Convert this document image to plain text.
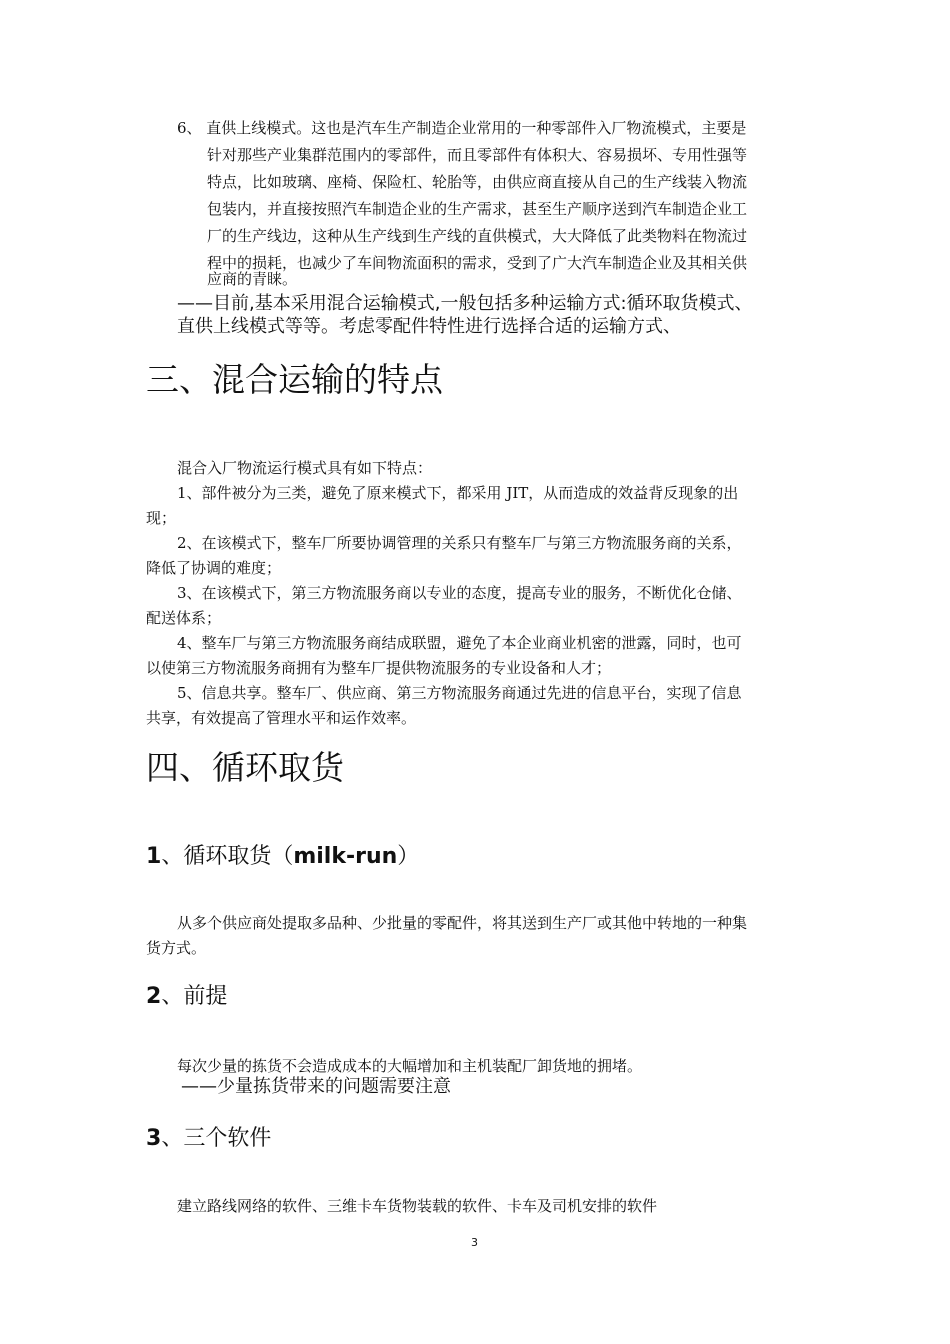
6、 直供上线模式。这也是汽车生产制造企业常用的一种零部件入厂物流模式，主要是
针对那些产业集群范围内的零部件，而且零部件有体积大、容易损坏、专用性强等
特点，比如玻璃、座椅、保险杠、轮胎等，由供应商直接从自己的生产线装入物流
包装内，并直接按照汽车制造企业的生产需求，甚至生产顺序送到汽车制造企业工
厂的生产线边，这种从生产线到生产线的直供模式，大大降低了此类物料在物流过
程中的损耗，也减少了车间物流面积的需求，受到了广大汽车制造企业及其相关供
应商的青睐。
——目前,基本采用混合运输模式,一般包括多种运输方式:循环取货模式、
直供上线模式等等。考虑零配件特性进行选择合适的运输方式、
三、混合运输的特点
混合入厂物流运行模式具有如下特点：
1、部件被分为三类，避免了原来模式下，都采用 JIT，从而造成的效益背反现象的出
现；
2、在该模式下，整车厂所要协调管理的关系只有整车厂与第三方物流服务商的关系，
降低了协调的难度；
3、在该模式下，第三方物流服务商以专业的态度，提高专业的服务，不断优化仓储、
配送体系；
4、整车厂与第三方物流服务商结成联盟，避免了本企业商业机密的泄露，同时，也可
以使第三方物流服务商拥有为整车厂提供物流服务的专业设备和人才；
5、信息共享。整车厂、供应商、第三方物流服务商通过先进的信息平台，实现了信息
共享，有效提高了管理水平和运作效率。
四、循环取货
1、循环取货（milk-run）
从多个供应商处提取多品种、少批量的零配件，将其送到生产厂或其他中转地的一种集
货方式。
2、前提
每次少量的拣货不会造成成本的大幅增加和主机装配厂卸货地的拥堵。
——少量拣货带来的问题需要注意
3、三个软件
建立路线网络的软件、三维卡车货物装载的软件、卡车及司机安排的软件
3
